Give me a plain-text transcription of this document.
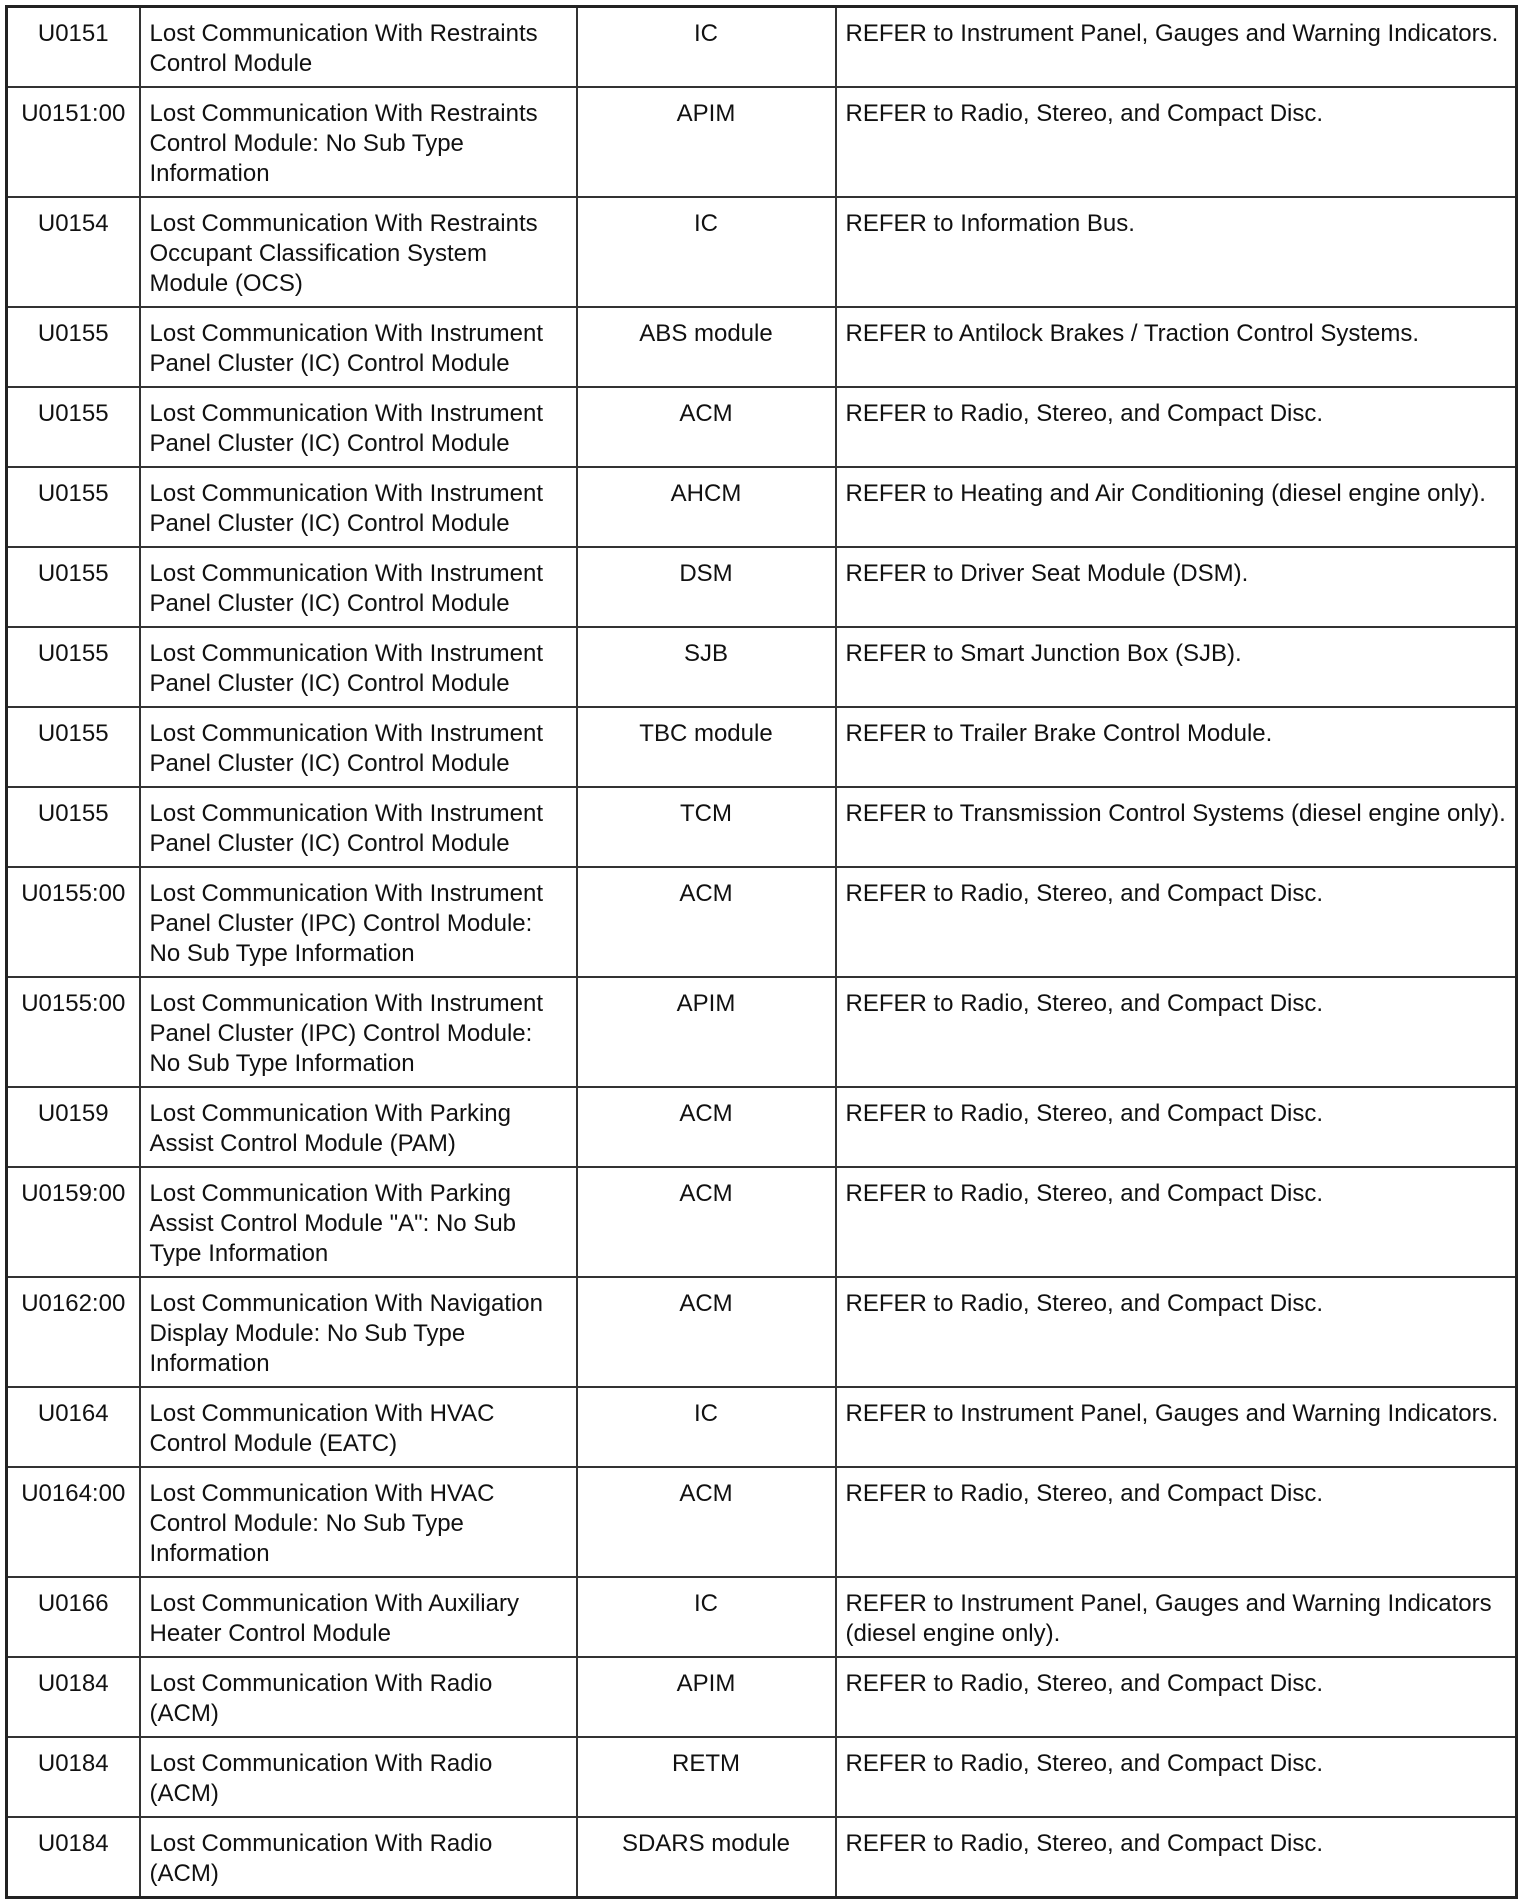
U0151	Lost Communication With Restraints Control Module	IC	REFER to Instrument Panel, Gauges and Warning Indicators.
U0151:00	Lost Communication With Restraints Control Module: No Sub Type Information	APIM	REFER to Radio, Stereo, and Compact Disc.
U0154	Lost Communication With Restraints Occupant Classification System Module (OCS)	IC	REFER to Information Bus.
U0155	Lost Communication With Instrument Panel Cluster (IC) Control Module	ABS module	REFER to Antilock Brakes / Traction Control Systems.
U0155	Lost Communication With Instrument Panel Cluster (IC) Control Module	ACM	REFER to Radio, Stereo, and Compact Disc.
U0155	Lost Communication With Instrument Panel Cluster (IC) Control Module	AHCM	REFER to Heating and Air Conditioning (diesel engine only).
U0155	Lost Communication With Instrument Panel Cluster (IC) Control Module	DSM	REFER to Driver Seat Module (DSM).
U0155	Lost Communication With Instrument Panel Cluster (IC) Control Module	SJB	REFER to Smart Junction Box (SJB).
U0155	Lost Communication With Instrument Panel Cluster (IC) Control Module	TBC module	REFER to Trailer Brake Control Module.
U0155	Lost Communication With Instrument Panel Cluster (IC) Control Module	TCM	REFER to Transmission Control Systems (diesel engine only).
U0155:00	Lost Communication With Instrument Panel Cluster (IPC) Control Module: No Sub Type Information	ACM	REFER to Radio, Stereo, and Compact Disc.
U0155:00	Lost Communication With Instrument Panel Cluster (IPC) Control Module: No Sub Type Information	APIM	REFER to Radio, Stereo, and Compact Disc.
U0159	Lost Communication With Parking Assist Control Module (PAM)	ACM	REFER to Radio, Stereo, and Compact Disc.
U0159:00	Lost Communication With Parking Assist Control Module "A": No Sub Type Information	ACM	REFER to Radio, Stereo, and Compact Disc.
U0162:00	Lost Communication With Navigation Display Module: No Sub Type Information	ACM	REFER to Radio, Stereo, and Compact Disc.
U0164	Lost Communication With HVAC Control Module (EATC)	IC	REFER to Instrument Panel, Gauges and Warning Indicators.
U0164:00	Lost Communication With HVAC Control Module: No Sub Type Information	ACM	REFER to Radio, Stereo, and Compact Disc.
U0166	Lost Communication With Auxiliary Heater Control Module	IC	REFER to Instrument Panel, Gauges and Warning Indicators (diesel engine only).
U0184	Lost Communication With Radio (ACM)	APIM	REFER to Radio, Stereo, and Compact Disc.
U0184	Lost Communication With Radio (ACM)	RETM	REFER to Radio, Stereo, and Compact Disc.
U0184	Lost Communication With Radio (ACM)	SDARS module	REFER to Radio, Stereo, and Compact Disc.
